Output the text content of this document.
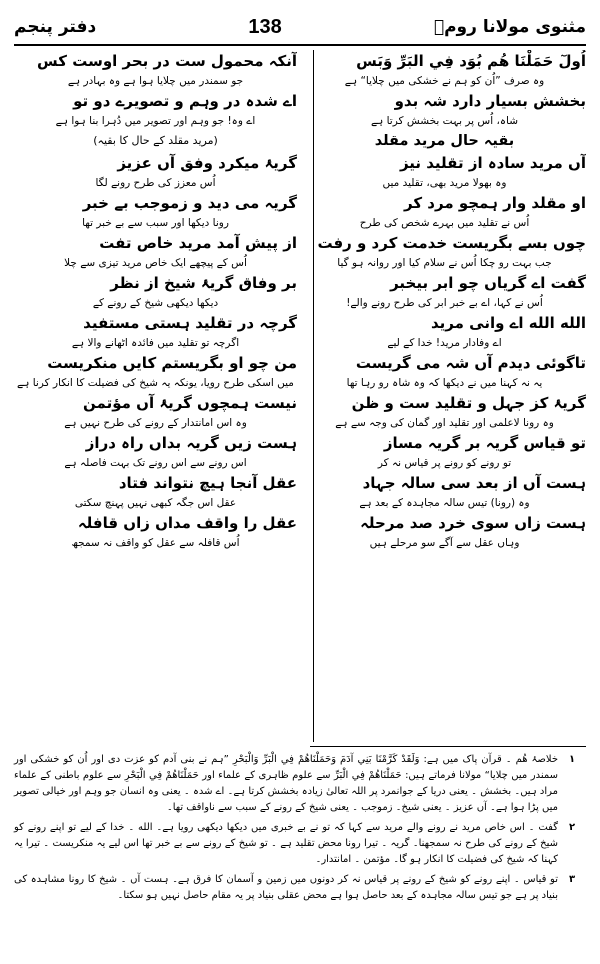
مثنوی مولانا رومؒ
138
دفتر پنجم
اُولٓ حَمَلْنَا هُم بُوَد فِي البَرِّ وَبَس
وہ صرف ”اُن کو ہم نے خشکی میں چلایا“ ہے
بخشش بسیار دارد شہ بدو
شاہ، اُس پر بہت بخشش کرتا ہے
بقیہ حال مرید مقلد
آں مرید سادہ از تقلید نیز
وہ بھولا مرید بھی، تقلید میں
او مقلد وار ہمچو مرد کر
اُس نے تقلید میں بہرے شخص کی طرح
چوں بسے بگریست خدمت کرد و رفت
جب بہت رو چکا اُس نے سلام کیا اور روانہ ہو گیا
گفت اے گریاں چو ابر بیخبر
اُس نے کہا، اے بے خبر ابر کی طرح رونے والے!
الله الله اے وانی مرید
اے وفادار مرید! خدا کے لیے
تاگوئی دیدم آں شہ می گریست
یہ نہ کہنا میں نے دیکھا کہ وہ شاہ رو رہا تھا
گریۂ کز جہل و تقلید ست و ظن
وہ رونا لاعلمی اور تقلید اور گمان کی وجہ سے ہے
تو قیاس گریہ بر گریہ مساز
تو رونے کو رونے پر قیاس نہ کر
ہست آں از بعد سی سالہ جہاد
وہ (رونا) تیس سالہ مجاہدہ کے بعد ہے
ہست زاں سوی خرد صد مرحلہ
وہاں عقل سے آگے سو مرحلے ہیں
آنکہ محمول ست در بحر اوست کس
جو سمندر میں چلایا ہوا ہے وہ بہادر ہے
اے شدہ در وہم و تصویرے دو تو
اے وہ! جو وہم اور تصویر میں دُہرا بنا ہوا ہے
(مرید مقلد کے حال کا بقیہ)
گریۂ میکرد وفق آں عزیز
اُس معزز کی طرح رونے لگا
گریہ می دید و زموجب بے خبر
رونا دیکھا اور سبب سے بے خبر تھا
از پیش آمد مرید خاص تفت
اُس کے پیچھے ایک خاص مرید تیزی سے چلا
بر وفاق گریۂ شیخ از نظر
دیکھا دیکھی شیخ کے رونے کے
گرچہ در تقلید ہستی مستفید
اگرچہ تو تقلید میں فائدہ اٹھانے والا ہے
من چو او بگریستم کایں منکریست
میں اسکی طرح رویا، یونکہ یہ شیخ کی فضیلت کا انکار کرنا ہے
نیست ہمچوں گریۂ آں مؤتمن
وہ اس امانتدار کے رونے کی طرح نہیں ہے
ہست زیں گریہ بداں راہ دراز
اس رونے سے اس رونے تک بہت فاصلہ ہے
عقل آنجا ہیچ نتواند فتاد
عقل اس جگہ کبھی نہیں پہنچ سکتی
عقل را واقف مداں زاں قافلہ
اُس قافلہ سے عقل کو واقف نہ سمجھ
۱
خلاصۂ ھُم ۔ قرآن پاک میں ہے: وَلَقَدْ كَرَّمْنَا بَنِي آدَمَ وَحَمَلْنَاهُمْ فِي الْبَرِّ وَالْبَحْرِ ”ہم نے بنی آدم کو عزت دی اور اُن کو خشکی اور سمندر میں چلایا“ مولانا فرماتے ہیں: حَمَلْنَاهُمْ فِي الْبَرِّ سے علوم ظاہری کے علماء اور حَمَلْنَاهُمْ فِي الْبَحْرِ سے علوم باطنی کے علماء مراد ہیں۔ بخشش ۔ یعنی دریا کے جوانمرد پر اللہ تعالیٰ زیادہ بخشش کرتا ہے۔ اے شدہ ۔ یعنی وہ انسان جو وہم اور خیالی تصویر میں پڑا ہوا ہے۔ آں عزیز ۔ یعنی شیخ۔ زموجب ۔ یعنی شیخ کے رونے کے سبب سے ناواقف تھا۔
۲
گفت ۔ اس خاص مرید نے رونے والے مرید سے کہا کہ تو نے بے خبری میں دیکھا دیکھی رویا ہے۔ الله ۔ خدا کے لیے تو اپنے رونے کو شیخ کے رونے کی طرح نہ سمجھنا۔ گریہ ۔ تیرا رونا محض تقلید ہے ۔ تو شیخ کے رونے سے بے خبر تھا اس لیے یہ منکریست ۔ تیرا یہ کہنا کہ شیخ کی فضیلت کا انکار ہو گا۔ مؤتمن ۔ امانتدار۔
۳
تو قیاس ۔ اپنے رونے کو شیخ کے رونے پر قیاس نہ کر دونوں میں زمین و آسمان کا فرق ہے۔ ہست آں ۔ شیخ کا رونا مشاہدہ کی بنیاد پر ہے جو تیس سالہ مجاہدہ کے بعد حاصل ہوا ہے محض عقلی بنیاد پر یہ مقام حاصل نہیں ہو سکتا۔
